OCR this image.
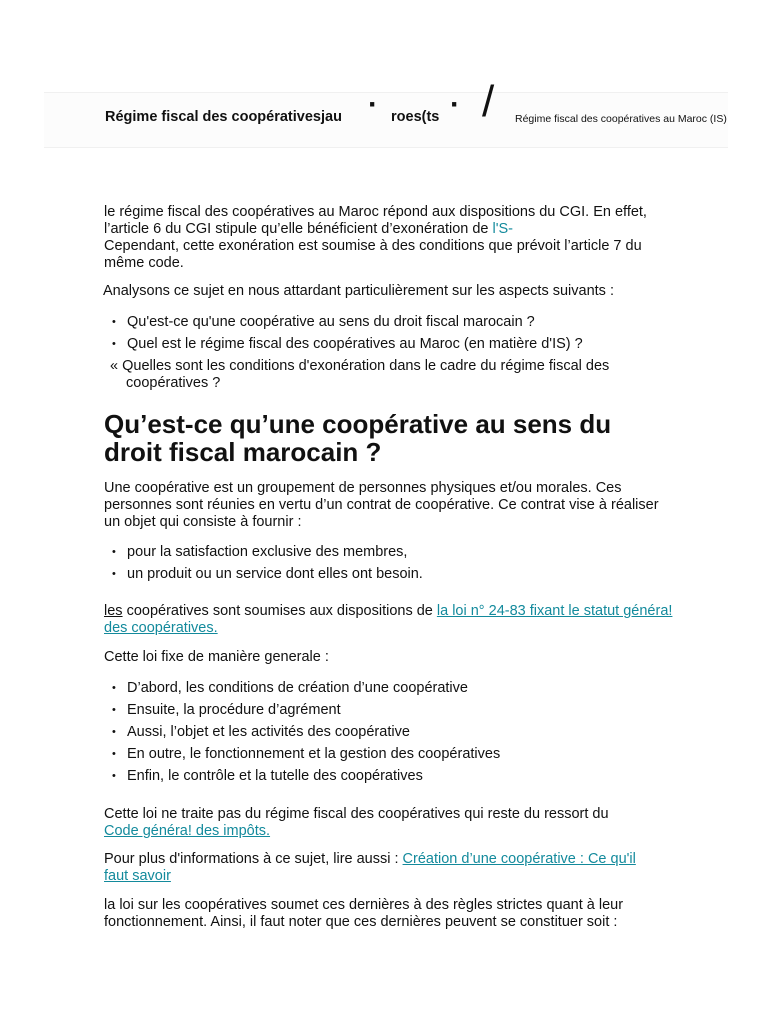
Régime fiscal des coopérativesjau · roes(ts · / Régime fiscal des coopératives au Maroc (IS)

le régime fiscal des coopératives au Maroc répond aux dispositions du CGI. En effet, l’article 6 du CGI stipule qu’elle bénéficient d’exonération de l'S-
Cependant, cette exonération est soumise à des conditions que prévoit l’article 7 du même code.

Analysons ce sujet en nous attardant particulièrement sur les aspects suivants :

• Qu'est-ce qu'une coopérative au sens du droit fiscal marocain ?
• Quel est le régime fiscal des coopératives au Maroc (en matière d'IS) ?
« Quelles sont les conditions d'exonération dans le cadre du régime fiscal des coopératives ?
Qu’est-ce qu’une coopérative au sens du droit fiscal marocain ?

Une coopérative est un groupement de personnes physiques et/ou morales. Ces personnes sont réunies en vertu d’un contrat de coopérative. Ce contrat vise à réaliser un objet qui consiste à fournir :

• pour la satisfaction exclusive des membres,
• un produit ou un service dont elles ont besoin.

les coopératives sont soumises aux dispositions de la loi n° 24-83 fixant le statut généra! des coopératives.

Cette loi fixe de manière generale :

• D’abord, les conditions de création d’une coopérative
• Ensuite, la procédure d’agrément
• Aussi, l’objet et les activités des coopérative
• En outre, le fonctionnement et la gestion des coopératives
• Enfin, le contrôle et la tutelle des coopératives

Cette loi ne traite pas du régime fiscal des coopératives qui reste du ressort du Code généra! des impôts.

Pour plus d'informations à ce sujet, lire aussi : Création d’une coopérative : Ce qu'il faut savoir

la loi sur les coopératives soumet ces dernières à des règles strictes quant à leur fonctionnement. Ainsi, il faut noter que ces dernières peuvent se constituer soit :
